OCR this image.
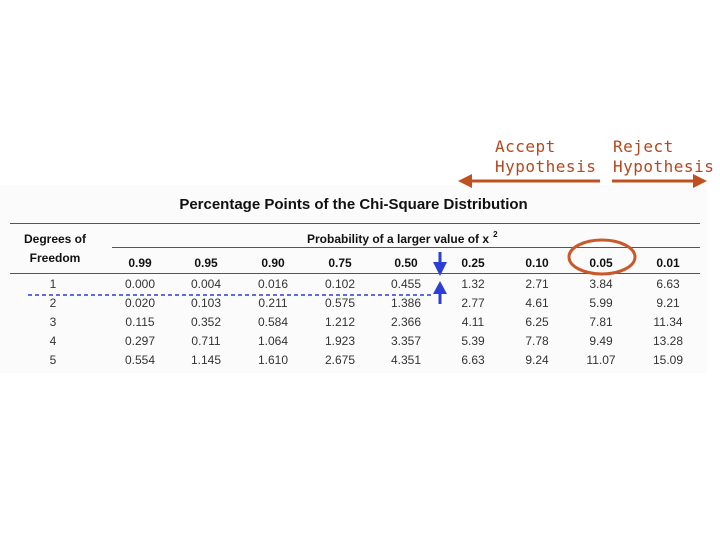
Accept
Hypothesis
Reject
Hypothesis
Percentage Points of the Chi-Square Distribution
Degrees of
Freedom
Probability of a larger value of x $^2$
0.99	0.95	0.90	0.75	0.50	0.25	0.10	0.05	0.01
1	0.000	0.004	0.016	0.102	0.455	1.32	2.71	3.84	6.63
2	0.020	0.103	0.211	0.575	1.386	2.77	4.61	5.99	9.21
3	0.115	0.352	0.584	1.212	2.366	4.11	6.25	7.81	11.34
4	0.297	0.711	1.064	1.923	3.357	5.39	7.78	9.49	13.28
5	0.554	1.145	1.610	2.675	4.351	6.63	9.24	11.07	15.09
